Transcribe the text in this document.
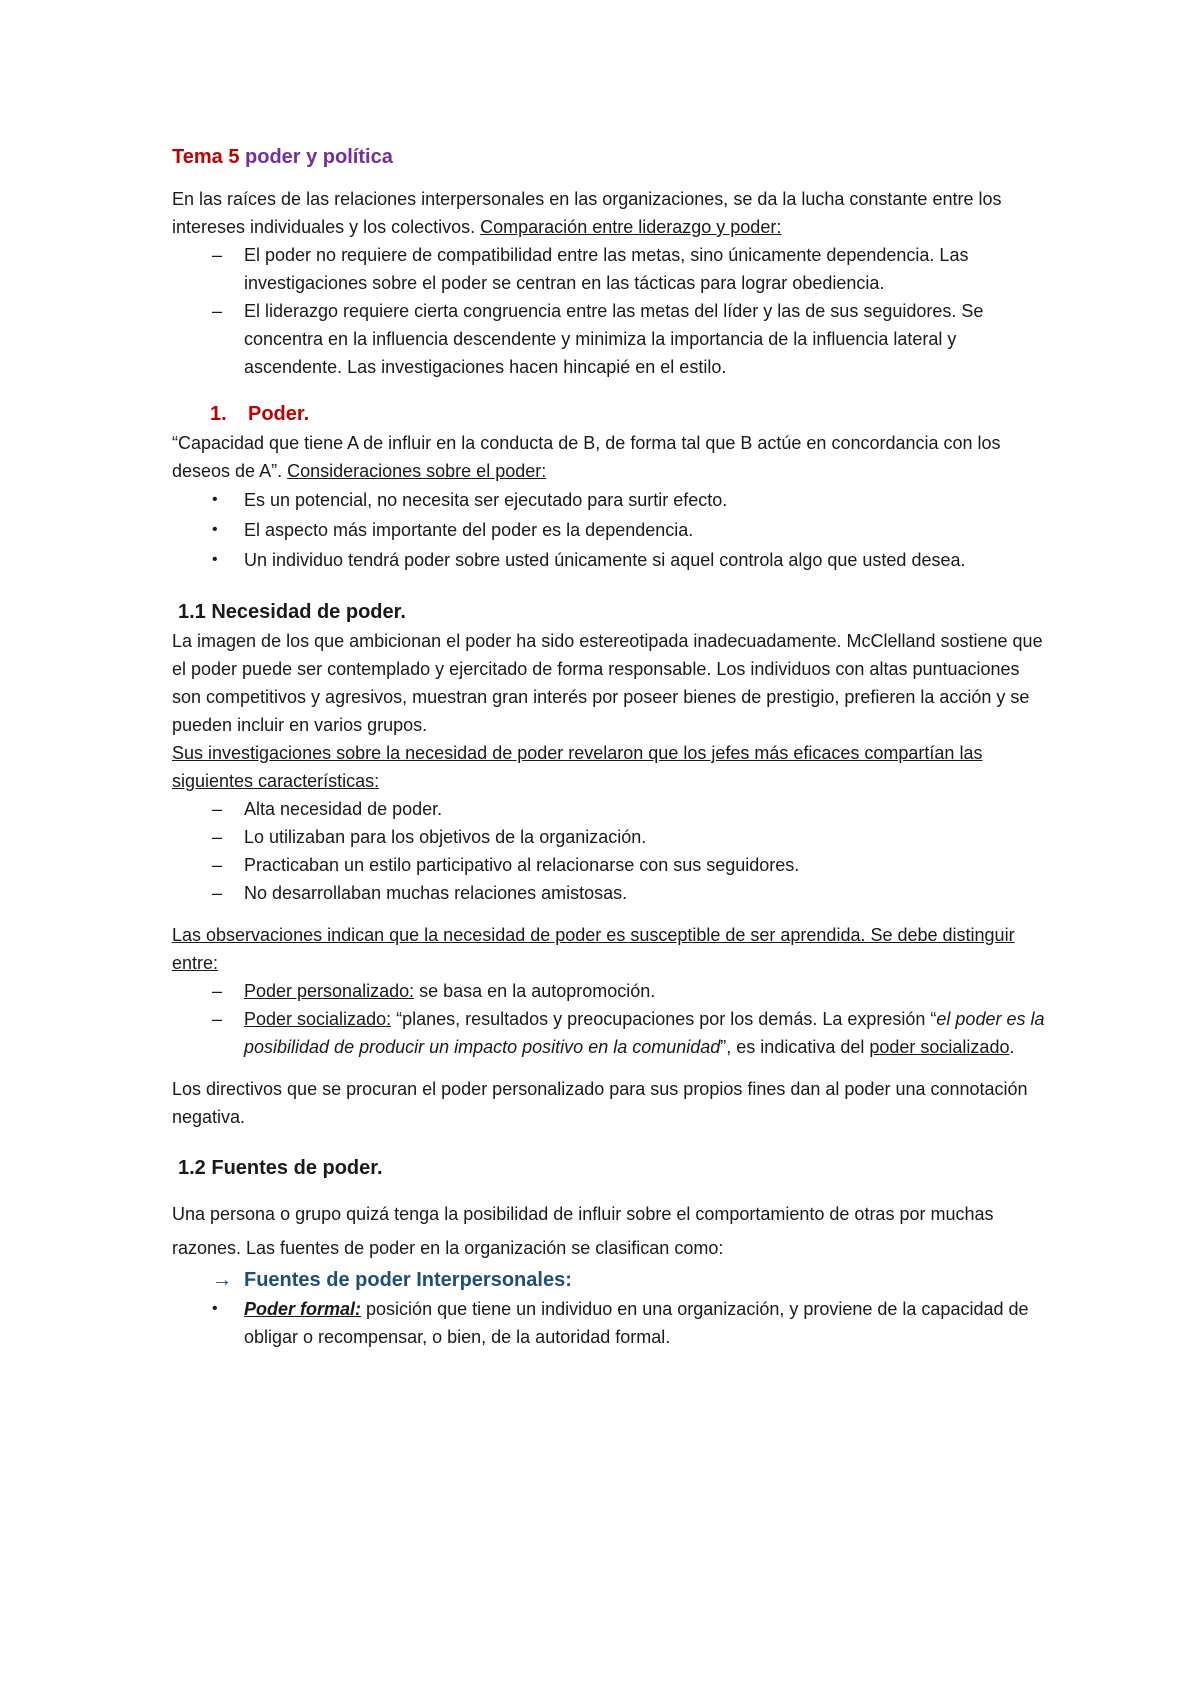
Tema 5 poder y política

En las raíces de las relaciones interpersonales en las organizaciones, se da la lucha constante entre los intereses individuales y los colectivos. Comparación entre liderazgo y poder:

–	El poder no requiere de compatibilidad entre las metas, sino únicamente dependencia. Las investigaciones sobre el poder se centran en las tácticas para lograr obediencia.
–	El liderazgo requiere cierta congruencia entre las metas del líder y las de sus seguidores. Se concentra en la influencia descendente y minimiza la importancia de la influencia lateral y ascendente. Las investigaciones hacen hincapié en el estilo.
1. Poder.

“Capacidad que tiene A de influir en la conducta de B, de forma tal que B actúe en concordancia con los deseos de A”. Consideraciones sobre el poder:

•	Es un potencial, no necesita ser ejecutado para surtir efecto.
•	El aspecto más importante del poder es la dependencia.
•	Un individuo tendrá poder sobre usted únicamente si aquel controla algo que usted desea.
1.1 Necesidad de poder.

La imagen de los que ambicionan el poder ha sido estereotipada inadecuadamente. McClelland sostiene que el poder puede ser contemplado y ejercitado de forma responsable. Los individuos con altas puntuaciones son competitivos y agresivos, muestran gran interés por poseer bienes de prestigio, prefieren la acción y se pueden incluir en varios grupos.

Sus investigaciones sobre la necesidad de poder revelaron que los jefes más eficaces compartían las siguientes características:

–	Alta necesidad de poder.
–	Lo utilizaban para los objetivos de la organización.
–	Practicaban un estilo participativo al relacionarse con sus seguidores.
–	No desarrollaban muchas relaciones amistosas.

Las observaciones indican que la necesidad de poder es susceptible de ser aprendida. Se debe distinguir entre:

–	Poder personalizado: se basa en la autopromoción.
–	Poder socializado: “planes, resultados y preocupaciones por los demás. La expresión “el poder es la posibilidad de producir un impacto positivo en la comunidad”, es indicativa del poder socializado.

Los directivos que se procuran el poder personalizado para sus propios fines dan al poder una connotación negativa.

1.2 Fuentes de poder.

Una persona o grupo quizá tenga la posibilidad de influir sobre el comportamiento de otras por muchas razones. Las fuentes de poder en la organización se clasifican como:

→ Fuentes de poder Interpersonales:
•	Poder formal: posición que tiene un individuo en una organización, y proviene de la capacidad de obligar o recompensar, o bien, de la autoridad formal.
